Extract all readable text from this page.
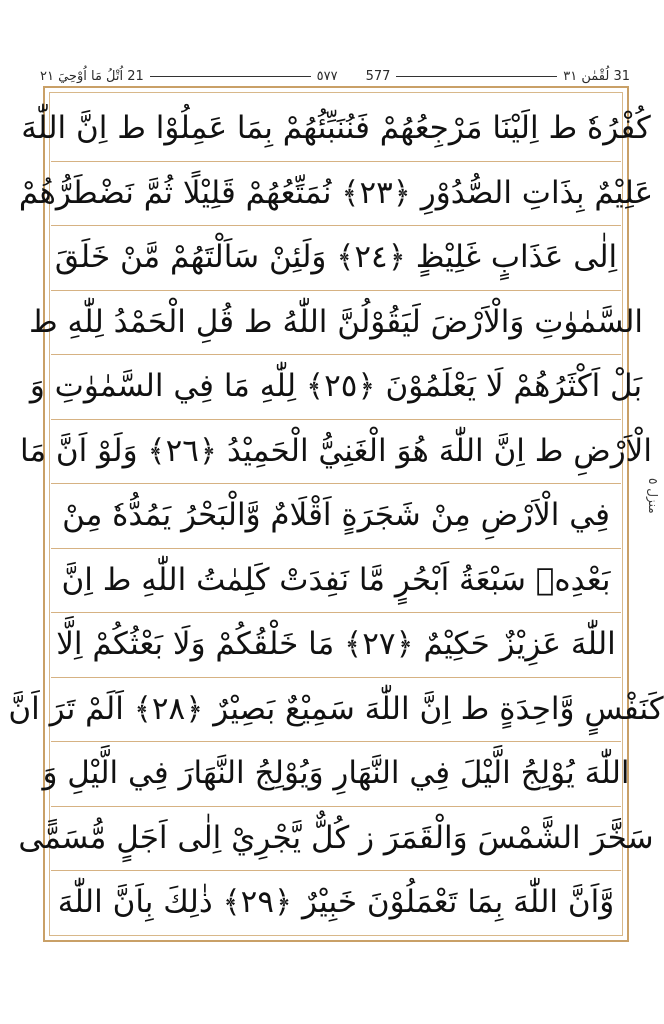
21 اُتْلُ مَا اُوْحِيَ ٢١	٥٧٧ 577	31 لُقْمٰن ٣١
كُفْرُهٗ ط اِلَيْنَا مَرْجِعُهُمْ فَنُنَبِّئُهُمْ بِمَا عَمِلُوْا ط اِنَّ اللّٰهَ
عَلِيْمٌ بِذَاتِ الصُّدُوْرِ ﴿٢٣﴾ نُمَتِّعُهُمْ قَلِيْلًا ثُمَّ نَضْطَرُّهُمْ
اِلٰى عَذَابٍ غَلِيْظٍ ﴿٢٤﴾ وَلَئِنْ سَاَلْتَهُمْ مَّنْ خَلَقَ
السَّمٰوٰتِ وَالْاَرْضَ لَيَقُوْلُنَّ اللّٰهُ ط قُلِ الْحَمْدُ لِلّٰهِ ط
بَلْ اَكْثَرُهُمْ لَا يَعْلَمُوْنَ ﴿٢٥﴾ لِلّٰهِ مَا فِي السَّمٰوٰتِ وَ
الْاَرْضِ ط اِنَّ اللّٰهَ هُوَ الْغَنِيُّ الْحَمِيْدُ ﴿٢٦﴾ وَلَوْ اَنَّ مَا
فِي الْاَرْضِ مِنْ شَجَرَةٍ اَقْلَامٌ وَّالْبَحْرُ يَمُدُّهٗ مِنْ
بَعْدِهٖ سَبْعَةُ اَبْحُرٍ مَّا نَفِدَتْ كَلِمٰتُ اللّٰهِ ط اِنَّ
اللّٰهَ عَزِيْزٌ حَكِيْمٌ ﴿٢٧﴾ مَا خَلْقُكُمْ وَلَا بَعْثُكُمْ اِلَّا
كَنَفْسٍ وَّاحِدَةٍ ط اِنَّ اللّٰهَ سَمِيْعٌ بَصِيْرٌ ﴿٢٨﴾ اَلَمْ تَرَ اَنَّ
اللّٰهَ يُوْلِجُ الَّيْلَ فِي النَّهَارِ وَيُوْلِجُ النَّهَارَ فِي الَّيْلِ وَ
سَخَّرَ الشَّمْسَ وَالْقَمَرَ ز كُلٌّ يَّجْرِيْ اِلٰى اَجَلٍ مُّسَمًّى
وَّاَنَّ اللّٰهَ بِمَا تَعْمَلُوْنَ خَبِيْرٌ ﴿٢٩﴾ ذٰلِكَ بِاَنَّ اللّٰهَ
منزل ٥
